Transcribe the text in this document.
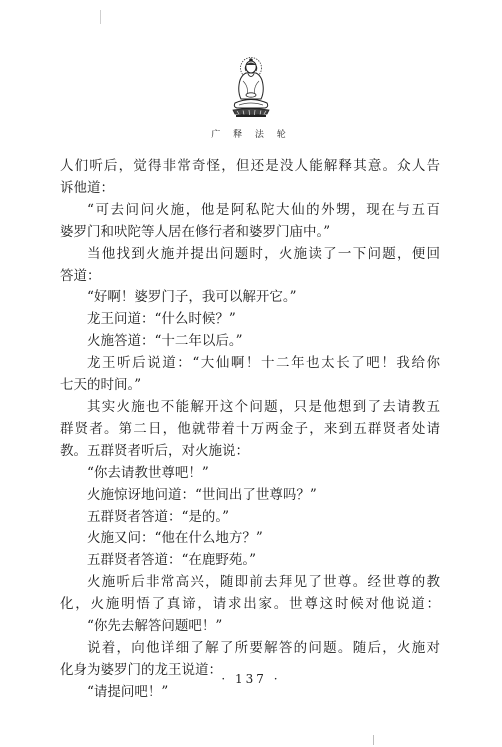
广 释 法 轮
人们听后，觉得非常奇怪，但还是没人能解释其意。众人告
诉他道：
“可去问问火施，他是阿私陀大仙的外甥，现在与五百
婆罗门和吠陀等人居在修行者和婆罗门庙中。”
当他找到火施并提出问题时，火施读了一下问题，便回
答道：
“好啊！婆罗门子，我可以解开它。”
龙王问道：“什么时候？”
火施答道：“十二年以后。”
龙王听后说道：“大仙啊！十二年也太长了吧！我给你
七天的时间。”
其实火施也不能解开这个问题，只是他想到了去请教五
群贤者。第二日，他就带着十万两金子，来到五群贤者处请
教。五群贤者听后，对火施说：
“你去请教世尊吧！”
火施惊讶地问道：“世间出了世尊吗？”
五群贤者答道：“是的。”
火施又问：“他在什么地方？”
五群贤者答道：“在鹿野苑。”
火施听后非常高兴，随即前去拜见了世尊。经世尊的教
化，火施明悟了真谛，请求出家。世尊这时候对他说道：
“你先去解答问题吧！”
说着，向他详细了解了所要解答的问题。随后，火施对
化身为婆罗门的龙王说道：
“请提问吧！”
· 137 ·
